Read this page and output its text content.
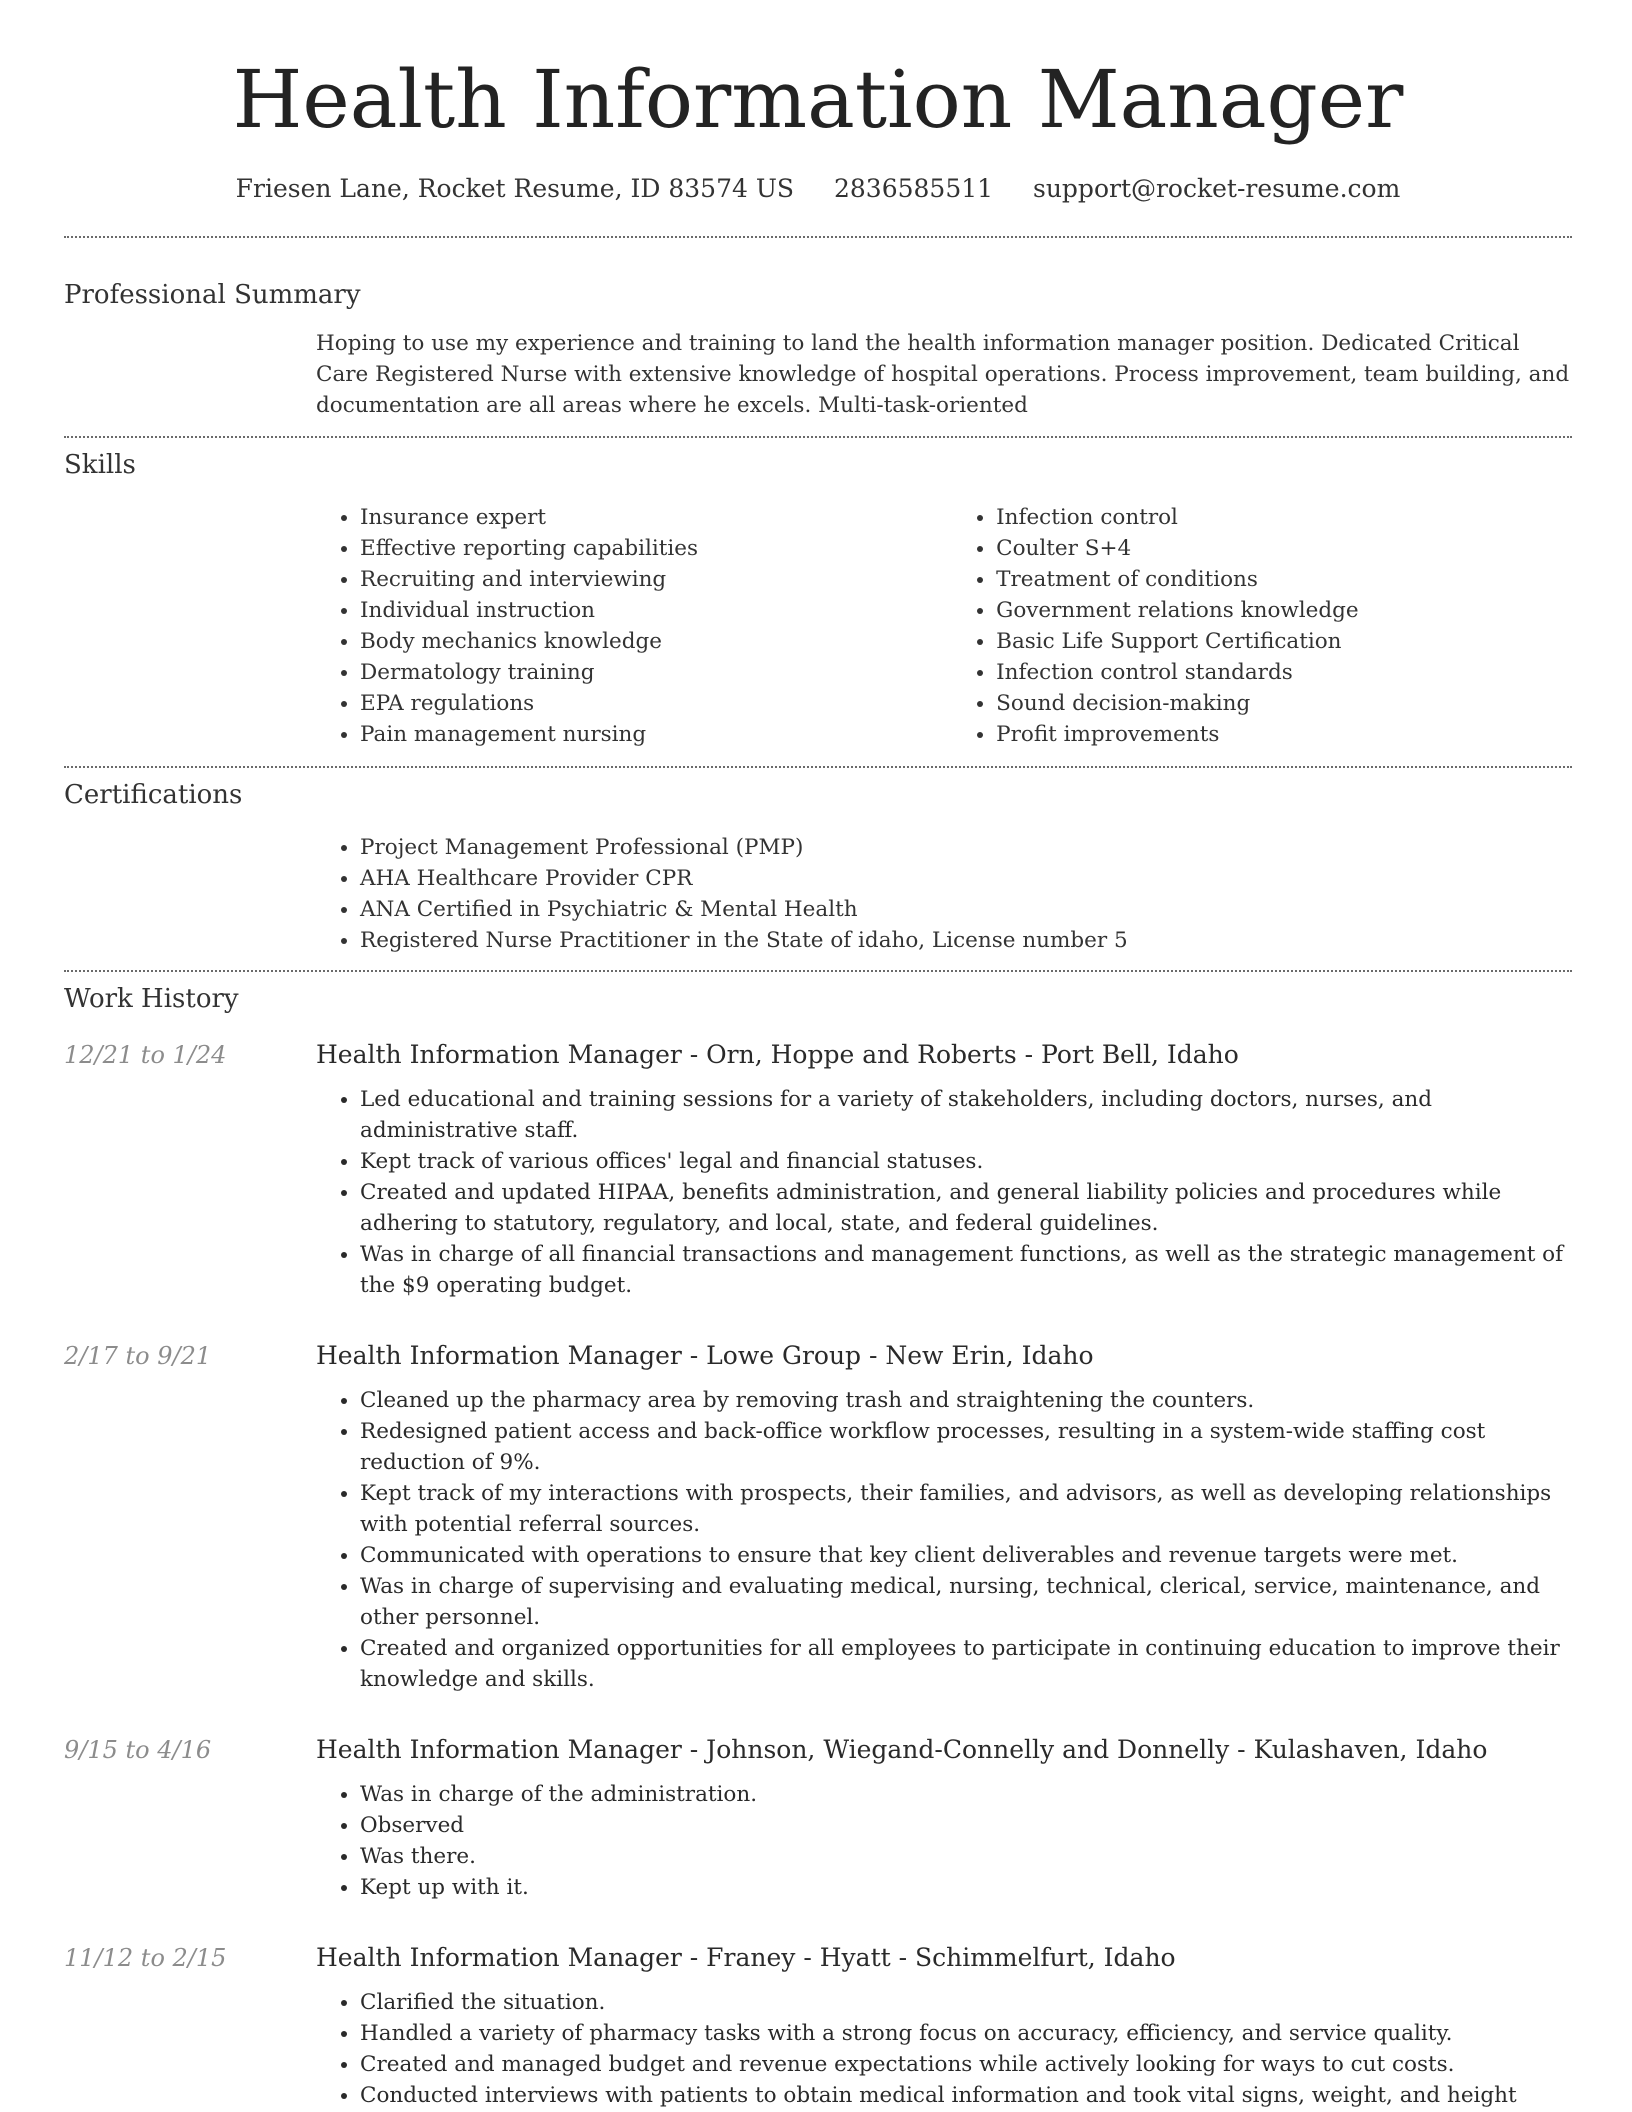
Health Information Manager
Friesen Lane, Rocket Resume, ID 83574 US 2836585511 support@rocket-resume.com
Professional Summary
Hoping to use my experience and training to land the health information manager position. Dedicated Critical Care Registered Nurse with extensive knowledge of hospital operations. Process improvement, team building, and documentation are all areas where he excels. Multi-task-oriented
Skills
• Insurance expert
• Effective reporting capabilities
• Recruiting and interviewing
• Individual instruction
• Body mechanics knowledge
• Dermatology training
• EPA regulations
• Pain management nursing
• Infection control
• Coulter S+4
• Treatment of conditions
• Government relations knowledge
• Basic Life Support Certification
• Infection control standards
• Sound decision-making
• Profit improvements
Certifications
• Project Management Professional (PMP)
• AHA Healthcare Provider CPR
• ANA Certified in Psychiatric & Mental Health
• Registered Nurse Practitioner in the State of idaho, License number 5
Work History
12/21 to 1/24	Health Information Manager - Orn, Hoppe and Roberts - Port Bell, Idaho
• Led educational and training sessions for a variety of stakeholders, including doctors, nurses, and administrative staff.
• Kept track of various offices' legal and financial statuses.
• Created and updated HIPAA, benefits administration, and general liability policies and procedures while adhering to statutory, regulatory, and local, state, and federal guidelines.
• Was in charge of all financial transactions and management functions, as well as the strategic management of the $9 operating budget.
2/17 to 9/21	Health Information Manager - Lowe Group - New Erin, Idaho
• Cleaned up the pharmacy area by removing trash and straightening the counters.
• Redesigned patient access and back-office workflow processes, resulting in a system-wide staffing cost reduction of 9%.
• Kept track of my interactions with prospects, their families, and advisors, as well as developing relationships with potential referral sources.
• Communicated with operations to ensure that key client deliverables and revenue targets were met.
• Was in charge of supervising and evaluating medical, nursing, technical, clerical, service, maintenance, and other personnel.
• Created and organized opportunities for all employees to participate in continuing education to improve their knowledge and skills.
9/15 to 4/16	Health Information Manager - Johnson, Wiegand-Connelly and Donnelly - Kulashaven, Idaho
• Was in charge of the administration.
• Observed
• Was there.
• Kept up with it.
11/12 to 2/15	Health Information Manager - Franey - Hyatt - Schimmelfurt, Idaho
• Clarified the situation.
• Handled a variety of pharmacy tasks with a strong focus on accuracy, efficiency, and service quality.
• Created and managed budget and revenue expectations while actively looking for ways to cut costs.
• Conducted interviews with patients to obtain medical information and took vital signs, weight, and height
